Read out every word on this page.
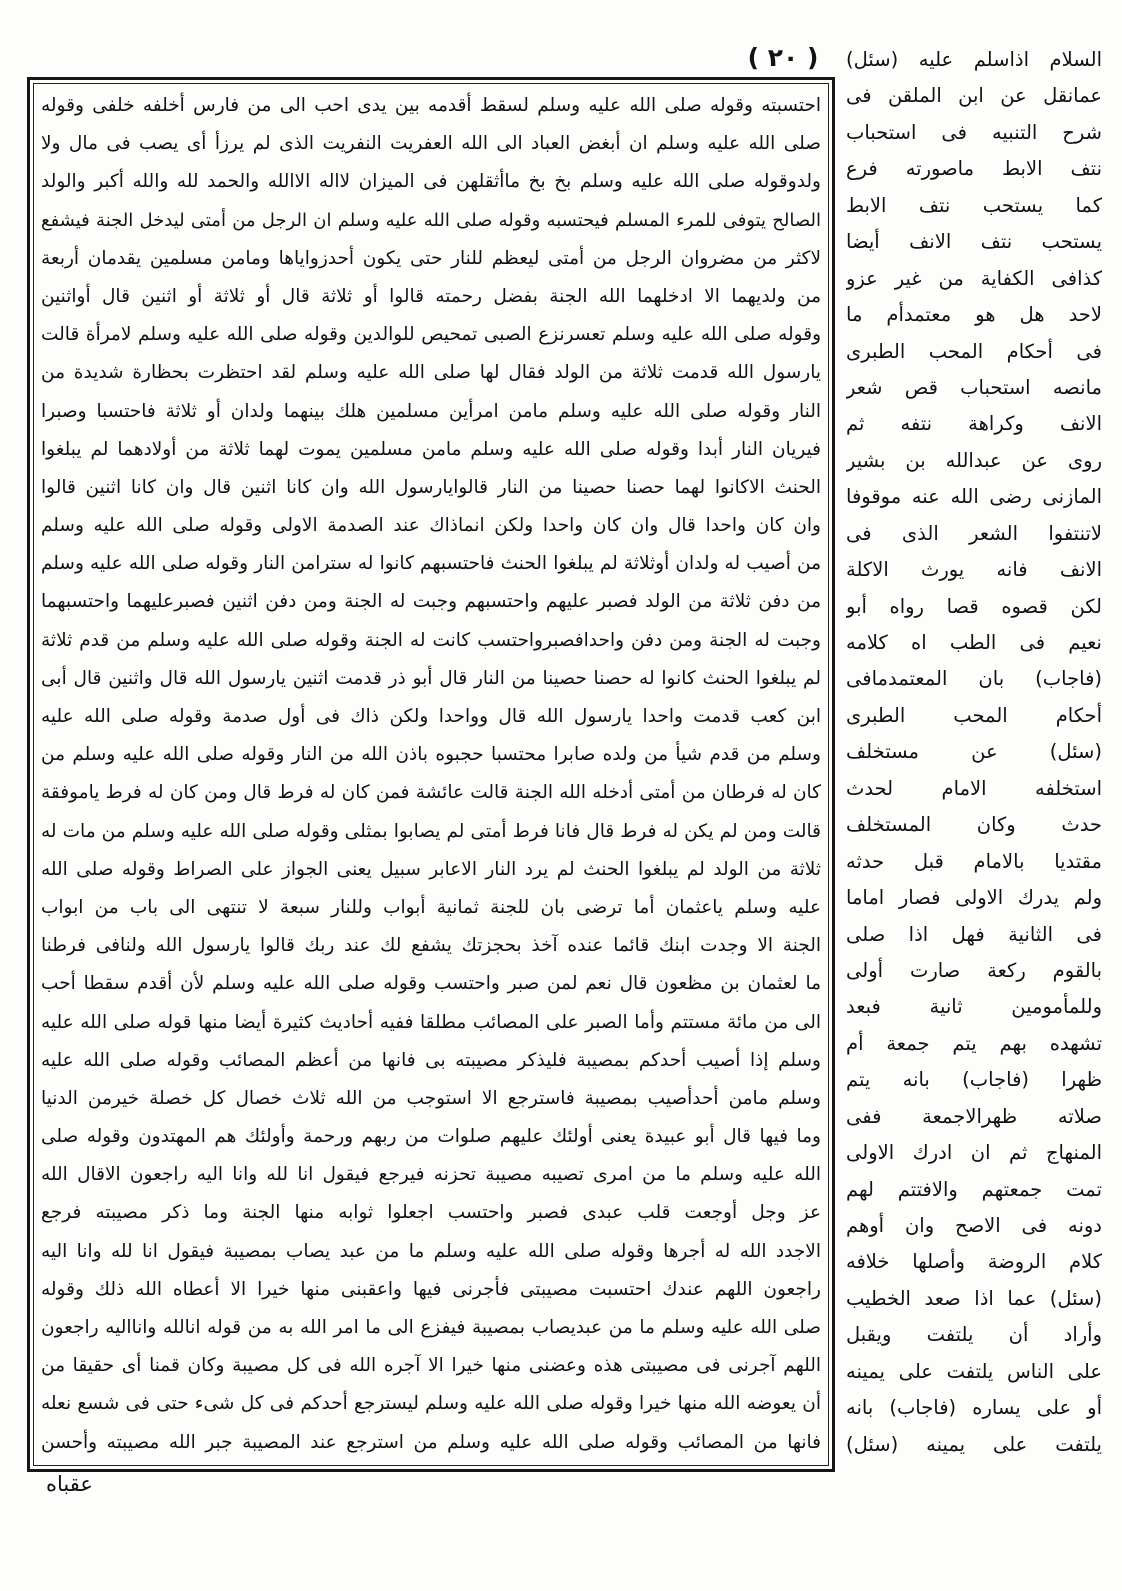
( ٢٠ )
احتسبته وقوله صلى الله عليه وسلم لسقط أقدمه بين يدى احب الى من فارس أخلفه خلفى وقوله
صلى الله عليه وسلم ان أبغض العباد الى الله العفريت النفريت الذى لم يرزأ أى يصب فى مال ولا
ولدوقوله صلى الله عليه وسلم بخ بخ ماأثقلهن فى الميزان لااله الاالله والحمد لله والله أكبر والولد
الصالح يتوفى للمرء المسلم فيحتسبه وقوله صلى الله عليه وسلم ان الرجل من أمتى ليدخل الجنة فيشفع
لاكثر من مضروان الرجل من أمتى ليعظم للنار حتى يكون أحدزواياها ومامن مسلمين يقدمان أربعة
من ولديهما الا ادخلهما الله الجنة بفضل رحمته قالوا أو ثلاثة قال أو ثلاثة أو اثنين قال أواثنين
وقوله صلى الله عليه وسلم تعسرنزع الصبى تمحيص للوالدين وقوله صلى الله عليه وسلم لامرأة قالت
يارسول الله قدمت ثلاثة من الولد فقال لها صلى الله عليه وسلم لقد احتظرت بحظارة شديدة من
النار وقوله صلى الله عليه وسلم مامن امرأين مسلمين هلك بينهما ولدان أو ثلاثة فاحتسبا وصبرا
فيريان النار أبدا وقوله صلى الله عليه وسلم مامن مسلمين يموت لهما ثلاثة من أولادهما لم يبلغوا
الحنث الاكانوا لهما حصنا حصينا من النار قالوايارسول الله وان كانا اثنين قال وان كانا اثنين قالوا
وان كان واحدا قال وان كان واحدا ولكن انماذاك عند الصدمة الاولى وقوله صلى الله عليه وسلم
من أصيب له ولدان أوثلاثة لم يبلغوا الحنث فاحتسبهم كانوا له سترامن النار وقوله صلى الله عليه وسلم
من دفن ثلاثة من الولد فصبر عليهم واحتسبهم وجبت له الجنة ومن دفن اثنين فصبرعليهما واحتسبهما
وجبت له الجنة ومن دفن واحدافصبرواحتسب كانت له الجنة وقوله صلى الله عليه وسلم من قدم ثلاثة
لم يبلغوا الحنث كانوا له حصنا حصينا من النار قال أبو ذر قدمت اثنين يارسول الله قال واثنين قال أبى
ابن كعب قدمت واحدا يارسول الله قال وواحدا ولكن ذاك فى أول صدمة وقوله صلى الله عليه
وسلم من قدم شيأ من ولده صابرا محتسبا حجبوه باذن الله من النار وقوله صلى الله عليه وسلم من
كان له فرطان من أمتى أدخله الله الجنة قالت عائشة فمن كان له فرط قال ومن كان له فرط ياموفقة
قالت ومن لم يكن له فرط قال فانا فرط أمتى لم يصابوا بمثلى وقوله صلى الله عليه وسلم من مات له
ثلاثة من الولد لم يبلغوا الحنث لم يرد النار الاعابر سبيل يعنى الجواز على الصراط وقوله صلى الله
عليه وسلم ياعثمان أما ترضى بان للجنة ثمانية أبواب وللنار سبعة لا تنتهى الى باب من ابواب
الجنة الا وجدت ابنك قائما عنده آخذ بحجزتك يشفع لك عند ربك قالوا يارسول الله ولنافى فرطنا
ما لعثمان بن مظعون قال نعم لمن صبر واحتسب وقوله صلى الله عليه وسلم لأن أقدم سقطا أحب
الى من مائة مستتم وأما الصبر على المصائب مطلقا ففيه أحاديث كثيرة أيضا منها قوله صلى الله عليه
وسلم إذا أصيب أحدكم بمصيبة فليذكر مصيبته بى فانها من أعظم المصائب وقوله صلى الله عليه
وسلم مامن أحدأصيب بمصيبة فاسترجع الا استوجب من الله ثلاث خصال كل خصلة خيرمن الدنيا
وما فيها قال أبو عبيدة يعنى أولئك عليهم صلوات من ربهم ورحمة وأولئك هم المهتدون وقوله صلى
الله عليه وسلم ما من امرى تصيبه مصيبة تحزنه فيرجع فيقول انا لله وانا اليه راجعون الاقال الله
عز وجل أوجعت قلب عبدى فصبر واحتسب اجعلوا ثوابه منها الجنة وما ذكر مصيبته فرجع
الاجدد الله له أجرها وقوله صلى الله عليه وسلم ما من عبد يصاب بمصيبة فيقول انا لله وانا اليه
راجعون اللهم عندك احتسبت مصيبتى فأجرنى فيها واعقبنى منها خيرا الا أعطاه الله ذلك وقوله
صلى الله عليه وسلم ما من عبديصاب بمصيبة فيفزع الى ما امر الله به من قوله انالله وانااليه راجعون
اللهم آجرنى فى مصيبتى هذه وعضنى منها خيرا الا آجره الله فى كل مصيبة وكان قمنا أى حقيقا من
أن يعوضه الله منها خيرا وقوله صلى الله عليه وسلم ليسترجع أحدكم فى كل شىء حتى فى شسع نعله
فانها من المصائب وقوله صلى الله عليه وسلم من استرجع عند المصيبة جبر الله مصيبته وأحسن
السلام اذاسلم عليه (سئل)
عمانقل عن ابن الملقن فى
شرح التنبيه فى استحباب
نتف الابط ماصورته فرع
كما يستحب نتف الابط
يستحب نتف الانف أيضا
كذافى الكفاية من غير عزو
لاحد هل هو معتمدأم ما
فى أحكام المحب الطبرى
مانصه استحباب قص شعر
الانف وكراهة نتفه ثم
روى عن عبدالله بن بشير
المازنى رضى الله عنه موقوفا
لاتنتفوا الشعر الذى فى
الانف فانه يورث الاكلة
لكن قصوه قصا رواه أبو
نعيم فى الطب اه كلامه
(فاجاب) بان المعتمدمافى
أحكام المحب الطبرى
(سئل) عن مستخلف
استخلفه الامام لحدث
حدث وكان المستخلف
مقتديا بالامام قبل حدثه
ولم يدرك الاولى فصار اماما
فى الثانية فهل اذا صلى
بالقوم ركعة صارت أولى
وللمأمومين ثانية فبعد
تشهده بهم يتم جمعة أم
ظهرا (فاجاب) بانه يتم
صلاته ظهرالاجمعة ففى
المنهاج ثم ان ادرك الاولى
تمت جمعتهم والافتتم لهم
دونه فى الاصح وان أوهم
كلام الروضة وأصلها خلافه
(سئل) عما اذا صعد الخطيب
وأراد أن يلتفت ويقبل
على الناس يلتفت على يمينه
أو على يساره (فاجاب) بانه
يلتفت على يمينه (سئل)
عقباه
